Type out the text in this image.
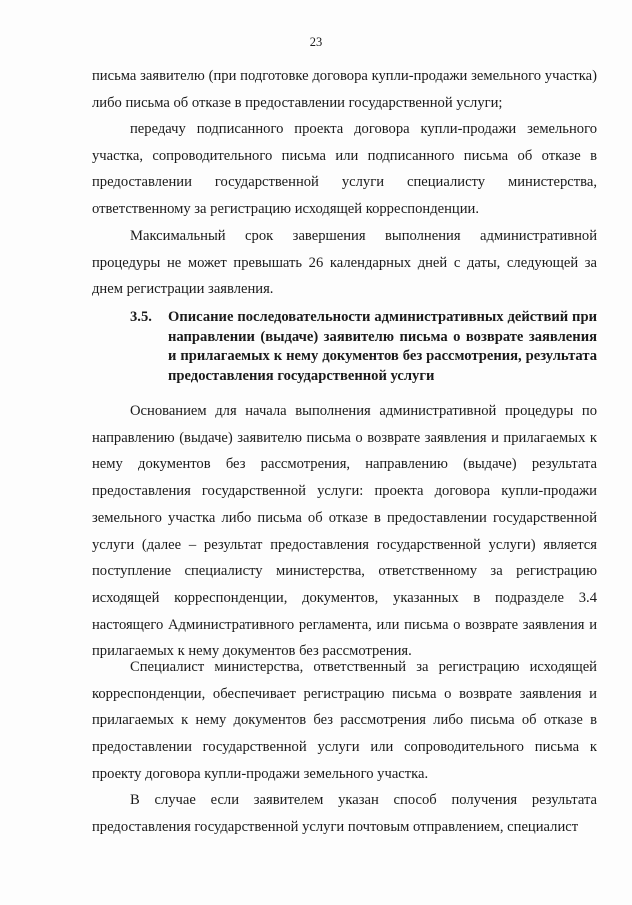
23

письма заявителю (при подготовке договора купли-продажи земельного участка) либо письма об отказе в предоставлении государственной услуги;

передачу подписанного проекта договора купли-продажи земельного участка, сопроводительного письма или подписанного письма об отказе в предоставлении государственной услуги специалисту министерства, ответственному за регистрацию исходящей корреспонденции.

Максимальный срок завершения выполнения административной процедуры не может превышать 26 календарных дней с даты, следующей за днем регистрации заявления.

3.5. Описание последовательности административных действий при направлении (выдаче) заявителю письма о возврате заявления и прилагаемых к нему документов без рассмотрения, результата предоставления государственной услуги

Основанием для начала выполнения административной процедуры по направлению (выдаче) заявителю письма о возврате заявления и прилагаемых к нему документов без рассмотрения, направлению (выдаче) результата предоставления государственной услуги: проекта договора купли-продажи земельного участка либо письма об отказе в предоставлении государственной услуги (далее – результат предоставления государственной услуги) является поступление специалисту министерства, ответственному за регистрацию исходящей корреспонденции, документов, указанных в подразделе 3.4 настоящего Административного регламента, или письма о возврате заявления и прилагаемых к нему документов без рассмотрения.

Специалист министерства, ответственный за регистрацию исходящей корреспонденции, обеспечивает регистрацию письма о возврате заявления и прилагаемых к нему документов без рассмотрения либо письма об отказе в предоставлении государственной услуги или сопроводительного письма к проекту договора купли-продажи земельного участка.

В случае если заявителем указан способ получения результата предоставления государственной услуги почтовым отправлением, специалист
